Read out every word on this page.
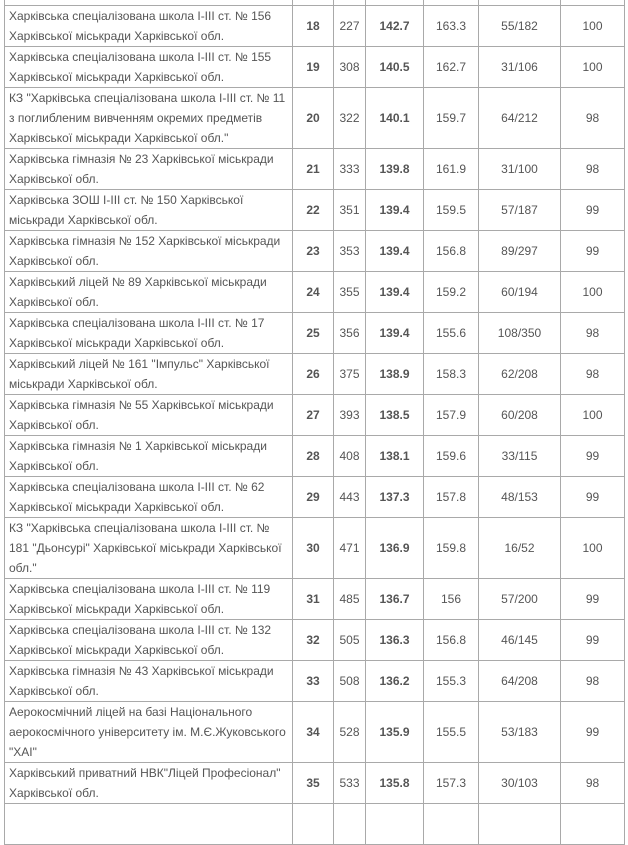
Харківська спеціалізована школа І-ІІІ ст. № 156 Харківської міськради Харківської обл.	18	227	142.7	163.3	55/182	100
Харківська спеціалізована школа І-ІІІ ст. № 155 Харківської міськради Харківської обл.	19	308	140.5	162.7	31/106	100
КЗ "Харківська спеціалізована школа І-ІІІ ст. № 11 з поглибленим вивченням окремих предметів Харківської міськради Харківської обл."	20	322	140.1	159.7	64/212	98
Харківська гімназія № 23 Харківської міськради Харківської обл.	21	333	139.8	161.9	31/100	98
Харківська ЗОШ І-ІІІ ст. № 150 Харківської міськради Харківської обл.	22	351	139.4	159.5	57/187	99
Харківська гімназія № 152 Харківської міськради Харківської обл.	23	353	139.4	156.8	89/297	99
Харківський ліцей № 89 Харківської міськради Харківської обл.	24	355	139.4	159.2	60/194	100
Харківська спеціалізована школа І-ІІІ ст. № 17 Харківської міськради Харківської обл.	25	356	139.4	155.6	108/350	98
Харківський ліцей № 161 "Імпульс" Харківської міськради Харківської обл.	26	375	138.9	158.3	62/208	98
Харківська гімназія № 55 Харківської міськради Харківської обл.	27	393	138.5	157.9	60/208	100
Харківська гімназія № 1 Харківської міськради Харківської обл.	28	408	138.1	159.6	33/115	99
Харківська спеціалізована школа І-ІІІ ст. № 62 Харківської міськради Харківської обл.	29	443	137.3	157.8	48/153	99
КЗ "Харківська спеціалізована школа І-ІІІ ст. № 181 "Дьонсурі" Харківської міськради Харківської обл."	30	471	136.9	159.8	16/52	100
Харківська спеціалізована школа І-ІІІ ст. № 119 Харківської міськради Харківської обл.	31	485	136.7	156	57/200	99
Харківська спеціалізована школа І-ІІІ ст. № 132 Харківської міськради Харківської обл.	32	505	136.3	156.8	46/145	99
Харківська гімназія № 43 Харківської міськради Харківської обл.	33	508	136.2	155.3	64/208	98
Аерокосмічний ліцей на базі Національного аерокосмічного університету ім. М.Є.Жуковського "ХАІ"	34	528	135.9	155.5	53/183	99
Харківський приватний НВК"Ліцей Професіонал" Харківської обл.	35	533	135.8	157.3	30/103	98
